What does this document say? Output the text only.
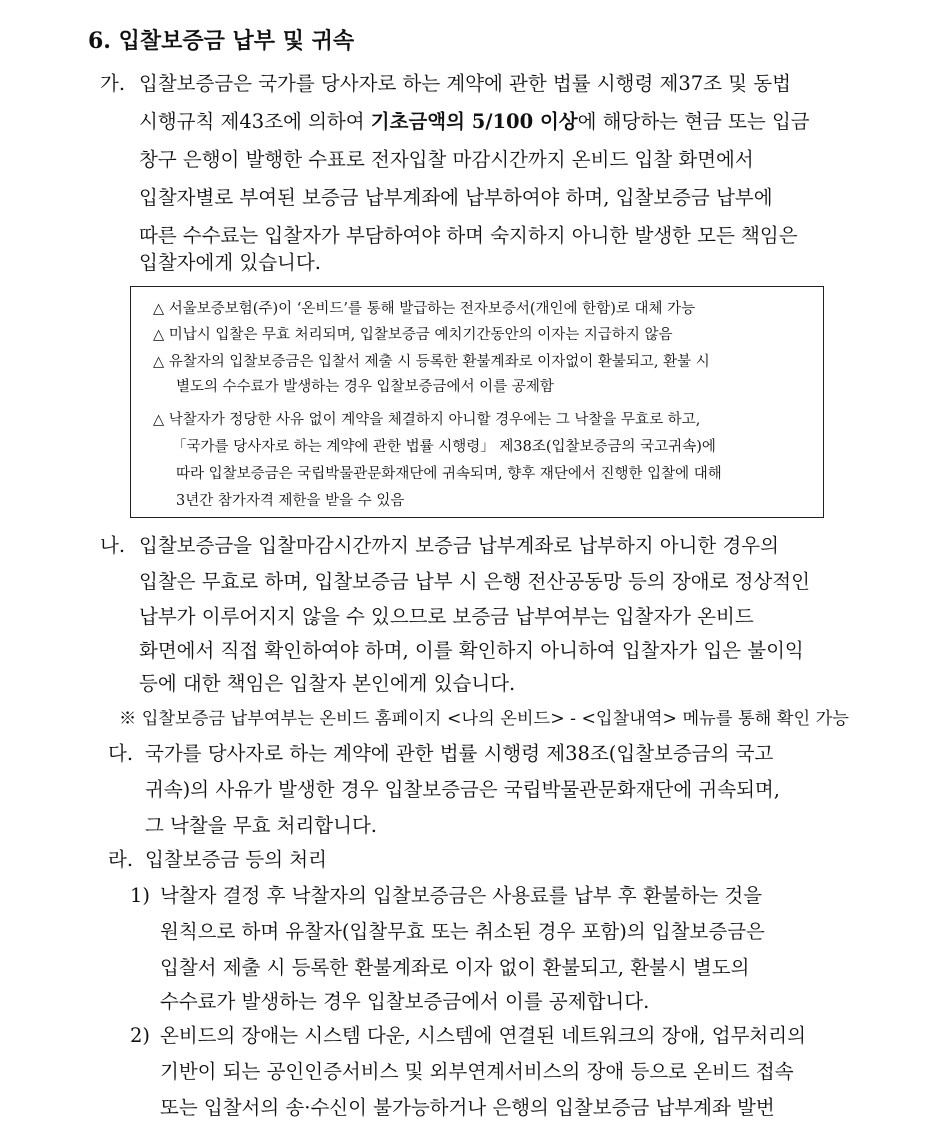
6. 입찰보증금 납부 및 귀속
가. 입찰보증금은 국가를 당사자로 하는 계약에 관한 법률 시행령 제37조 및 동법
시행규칙 제43조에 의하여 기초금액의 5/100 이상에 해당하는 현금 또는 입금
창구 은행이 발행한 수표로 전자입찰 마감시간까지 온비드 입찰 화면에서
입찰자별로 부여된 보증금 납부계좌에 납부하여야 하며, 입찰보증금 납부에
따른 수수료는 입찰자가 부담하여야 하며 숙지하지 아니한 발생한 모든 책임은
입찰자에게 있습니다.
△ 서울보증보험(주)이 ‘온비드’를 통해 발급하는 전자보증서(개인에 한함)로 대체 가능
△ 미납시 입찰은 무효 처리되며, 입찰보증금 예치기간동안의 이자는 지급하지 않음
△ 유찰자의 입찰보증금은 입찰서 제출 시 등록한 환불계좌로 이자없이 환불되고, 환불 시
별도의 수수료가 발생하는 경우 입찰보증금에서 이를 공제함
△ 낙찰자가 정당한 사유 없이 계약을 체결하지 아니할 경우에는 그 낙찰을 무효로 하고,
「국가를 당사자로 하는 계약에 관한 법률 시행령」 제38조(입찰보증금의 국고귀속)에
따라 입찰보증금은 국립박물관문화재단에 귀속되며, 향후 재단에서 진행한 입찰에 대해
3년간 참가자격 제한을 받을 수 있음
나. 입찰보증금을 입찰마감시간까지 보증금 납부계좌로 납부하지 아니한 경우의
입찰은 무효로 하며, 입찰보증금 납부 시 은행 전산공동망 등의 장애로 정상적인
납부가 이루어지지 않을 수 있으므로 보증금 납부여부는 입찰자가 온비드
화면에서 직접 확인하여야 하며, 이를 확인하지 아니하여 입찰자가 입은 불이익
등에 대한 책임은 입찰자 본인에게 있습니다.
※ 입찰보증금 납부여부는 온비드 홈페이지 <나의 온비드> - <입찰내역> 메뉴를 통해 확인 가능
다. 국가를 당사자로 하는 계약에 관한 법률 시행령 제38조(입찰보증금의 국고
귀속)의 사유가 발생한 경우 입찰보증금은 국립박물관문화재단에 귀속되며,
그 낙찰을 무효 처리합니다.
라. 입찰보증금 등의 처리
1) 낙찰자 결정 후 낙찰자의 입찰보증금은 사용료를 납부 후 환불하는 것을
원칙으로 하며 유찰자(입찰무효 또는 취소된 경우 포함)의 입찰보증금은
입찰서 제출 시 등록한 환불계좌로 이자 없이 환불되고, 환불시 별도의
수수료가 발생하는 경우 입찰보증금에서 이를 공제합니다.
2) 온비드의 장애는 시스템 다운, 시스템에 연결된 네트워크의 장애, 업무처리의
기반이 되는 공인인증서비스 및 외부연계서비스의 장애 등으로 온비드 접속
또는 입찰서의 송·수신이 불가능하거나 은행의 입찰보증금 납부계좌 발번
